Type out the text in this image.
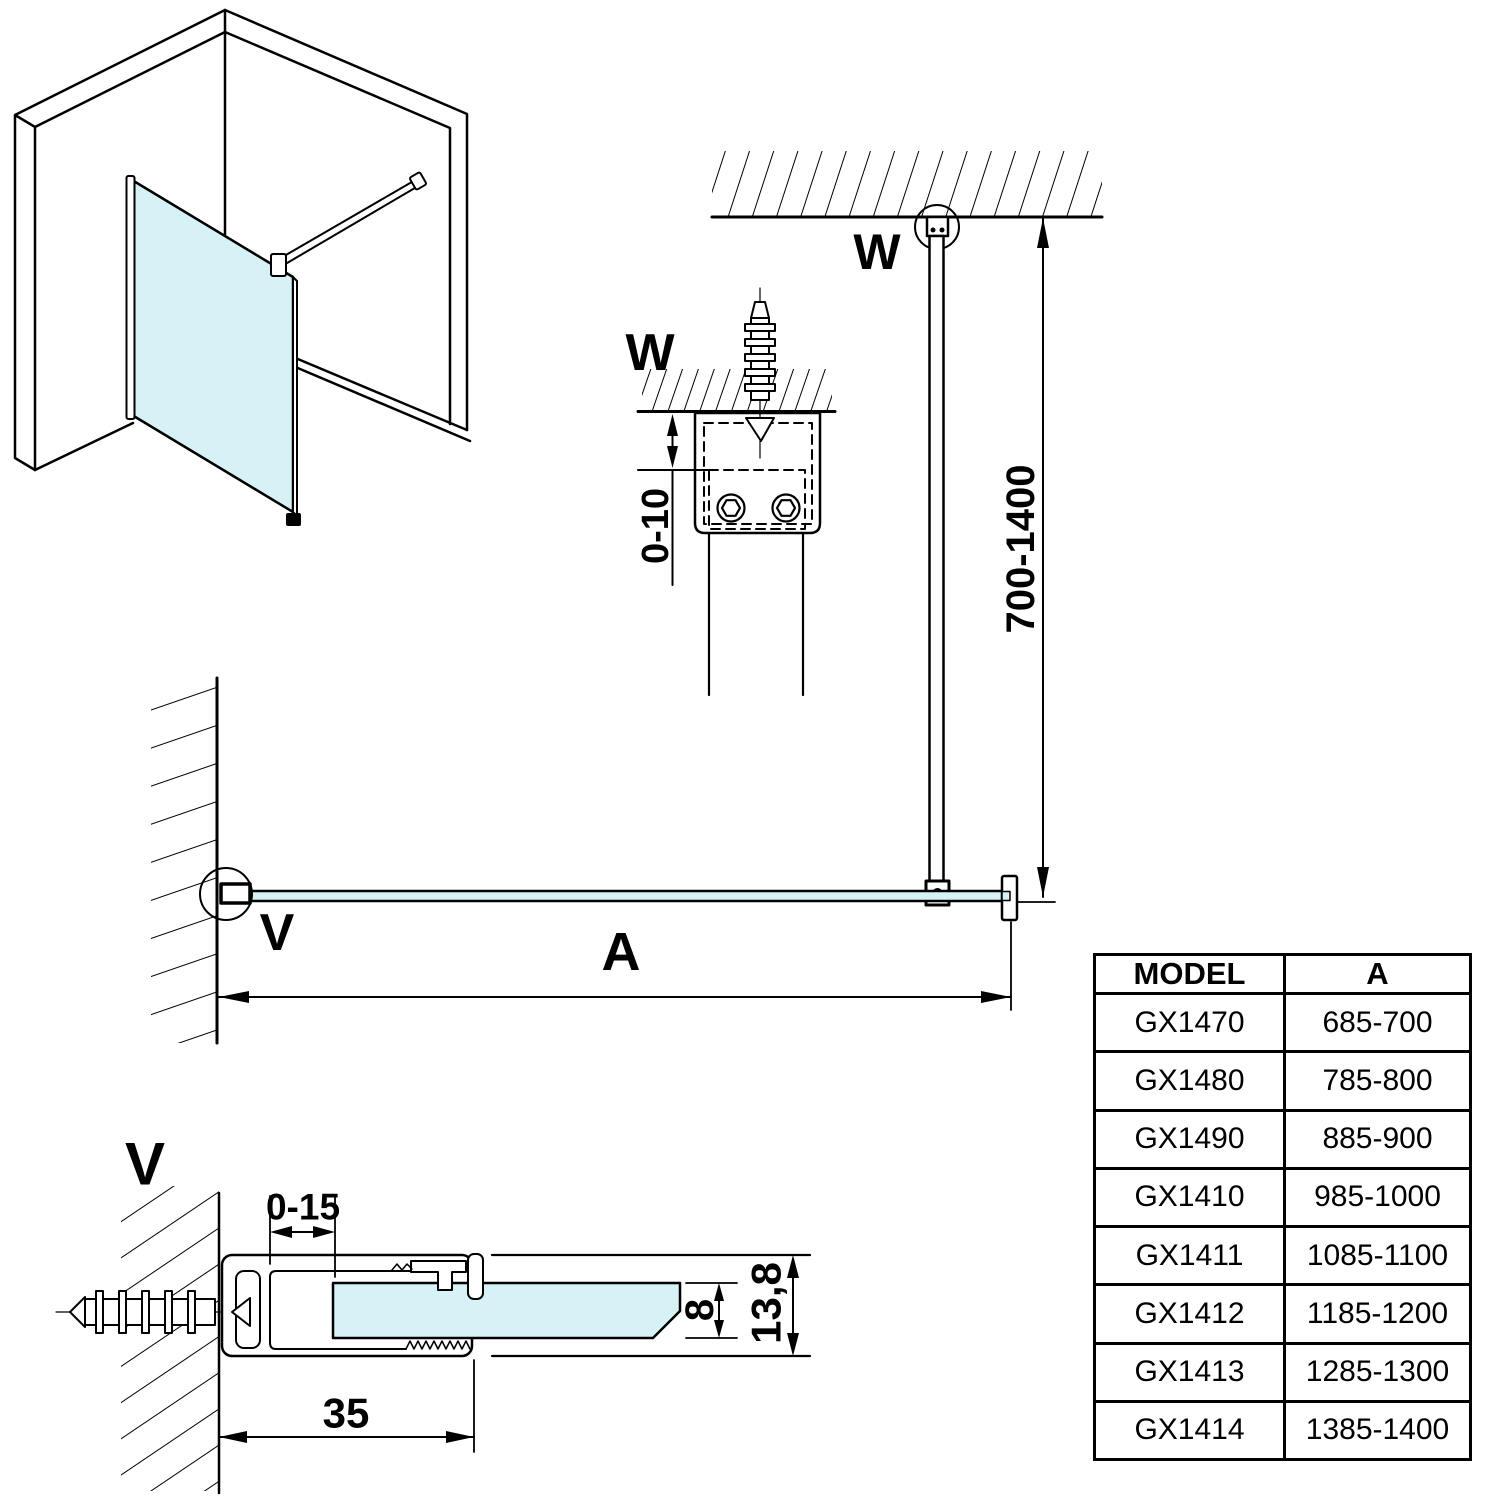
W
W
V
V
A
700-1400
0-10
0-15
35
8 13,8
MODEL	A
GX1470	685-700
GX1480	785-800
GX1490	885-900
GX1410	985-1000
GX1411	1085-1100
GX1412	1185-1200
GX1413	1285-1300
GX1414	1385-1400
